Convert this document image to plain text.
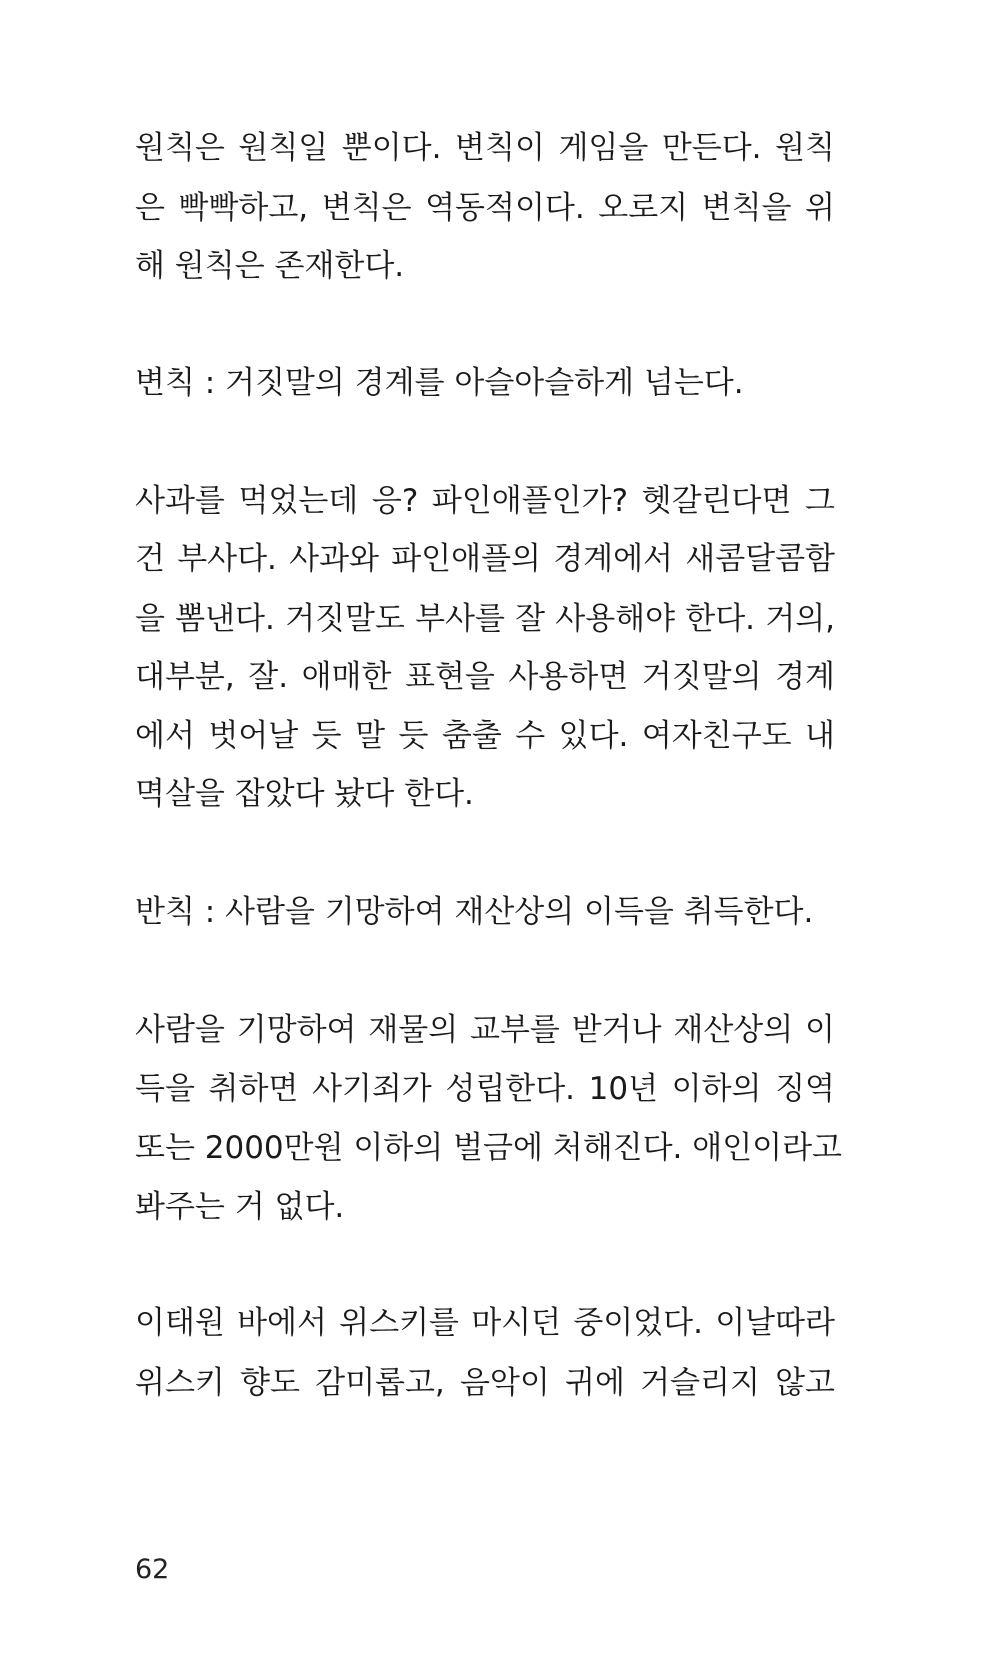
원칙은 원칙일 뿐이다. 변칙이 게임을 만든다. 원칙
은 빡빡하고, 변칙은 역동적이다. 오로지 변칙을 위
해 원칙은 존재한다.
변칙 : 거짓말의 경계를 아슬아슬하게 넘는다.
사과를 먹었는데 응? 파인애플인가? 헷갈린다면 그
건 부사다. 사과와 파인애플의 경계에서 새콤달콤함
을 뽐낸다. 거짓말도 부사를 잘 사용해야 한다. 거의,
대부분, 잘. 애매한 표현을 사용하면 거짓말의 경계
에서 벗어날 듯 말 듯 춤출 수 있다. 여자친구도 내
멱살을 잡았다 놨다 한다.
반칙 : 사람을 기망하여 재산상의 이득을 취득한다.
사람을 기망하여 재물의 교부를 받거나 재산상의 이
득을 취하면 사기죄가 성립한다. 10년 이하의 징역
또는 2000만원 이하의 벌금에 처해진다. 애인이라고
봐주는 거 없다.
이태원 바에서 위스키를 마시던 중이었다. 이날따라
위스키 향도 감미롭고, 음악이 귀에 거슬리지 않고
62
